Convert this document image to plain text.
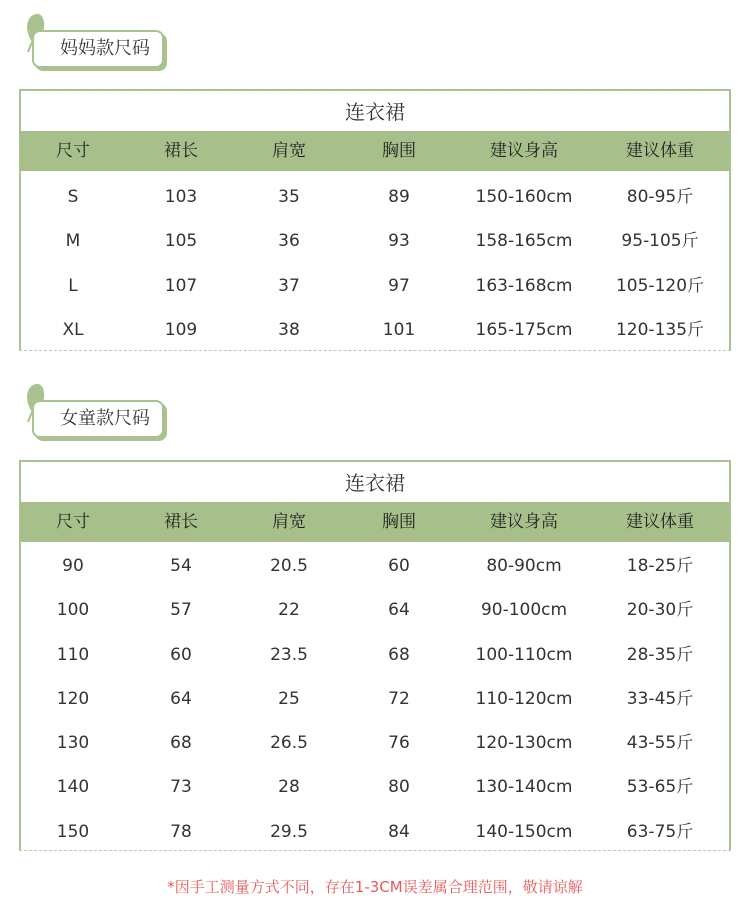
妈妈款尺码
连衣裙
尺寸	裙长	肩宽	胸围	建议身高	建议体重
S	103	35	89	150-160cm	80-95斤
M	105	36	93	158-165cm	95-105斤
L	107	37	97	163-168cm	105-120斤
XL	109	38	101	165-175cm	120-135斤
女童款尺码
连衣裙
尺寸	裙长	肩宽	胸围	建议身高	建议体重
90	54	20.5	60	80-90cm	18-25斤
100	57	22	64	90-100cm	20-30斤
110	60	23.5	68	100-110cm	28-35斤
120	64	25	72	110-120cm	33-45斤
130	68	26.5	76	120-130cm	43-55斤
140	73	28	80	130-140cm	53-65斤
150	78	29.5	84	140-150cm	63-75斤
*因手工测量方式不同，存在1-3CM误差属合理范围，敬请谅解
